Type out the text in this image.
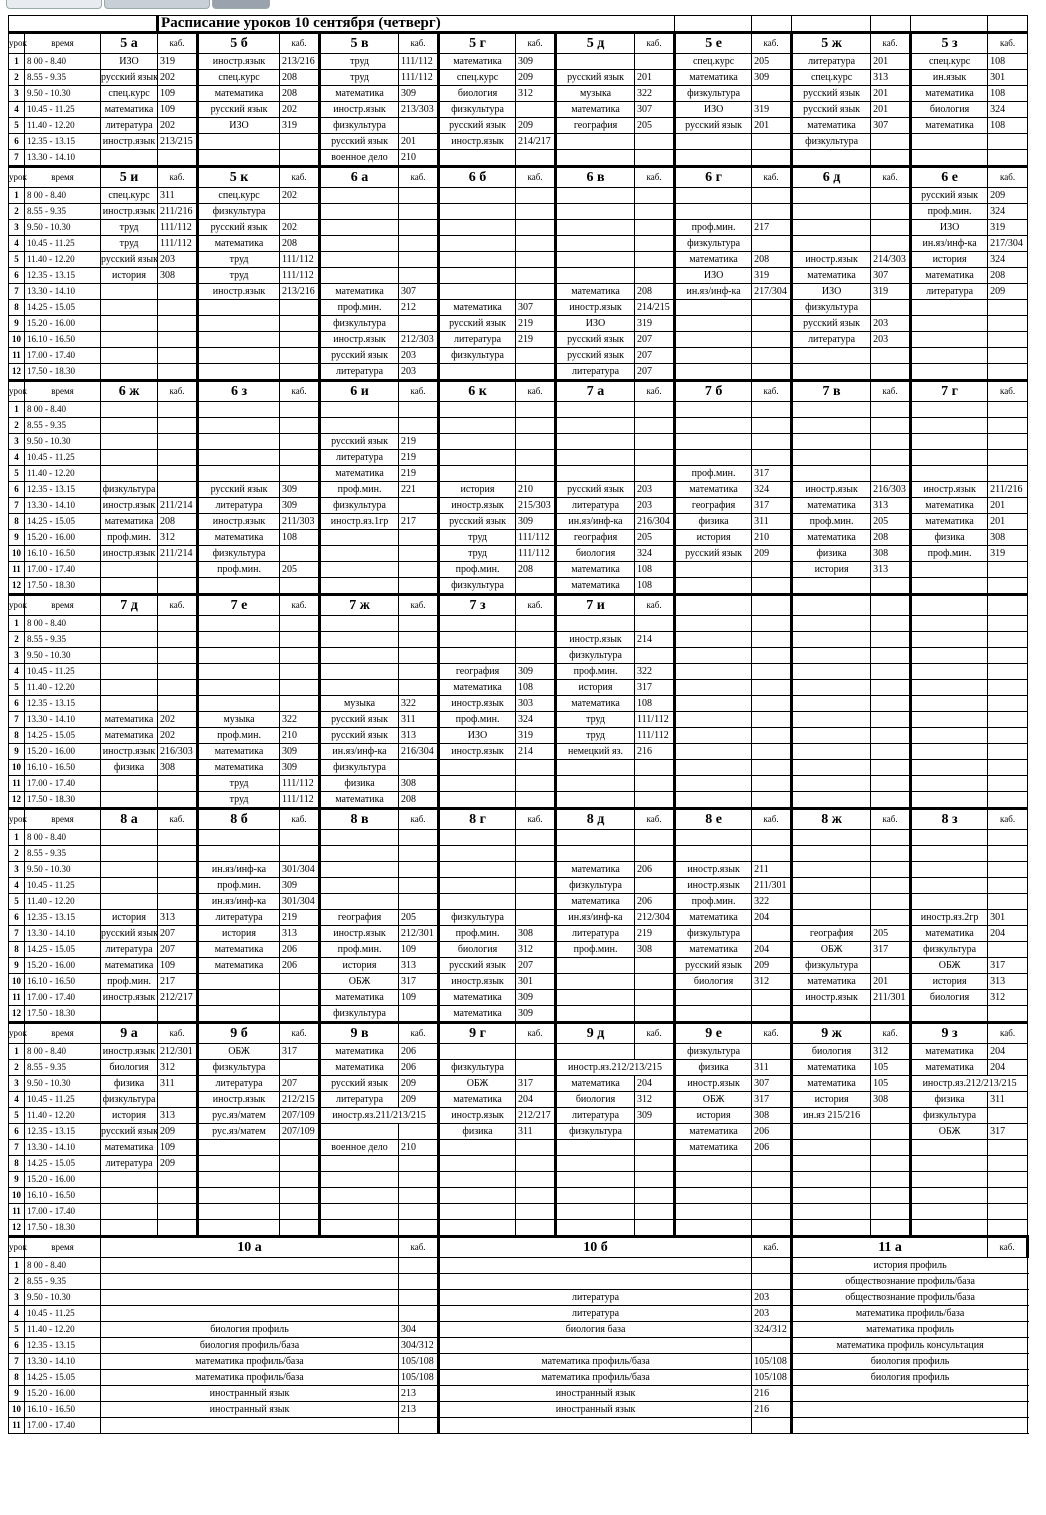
			Расписание уроков 10 сентября (четверг)															
урок	время	5 а	каб.	5 б	каб.	5 в	каб.	5 г	каб.	5 д	каб.	5 е	каб.	5 ж	каб.	5 з	каб.	
1	8 00 - 8.40	ИЗО	319	иностр.язык	213/216	труд	111/112	математика	309			спец.курс	205	литература	201	спец.курс	108	
2	8.55 - 9.35	русский язык	202	спец.курс	208	труд	111/112	спец.курс	209	русский язык	201	математика	309	спец.курс	313	ин.язык	301	
3	9.50 - 10.30	спец.курс	109	математика	208	математика	309	биология	312	музыка	322	физкультура		русский язык	201	математика	108	
4	10.45 - 11.25	математика	109	русский язык	202	иностр.язык	213/303	физкультура		математика	307	ИЗО	319	русский язык	201	биология	324	
5	11.40 - 12.20	литература	202	ИЗО	319	физкультура		русский язык	209	география	205	русский язык	201	математика	307	математика	108	
6	12.35 - 13.15	иностр.язык	213/215			русский язык	201	иностр.язык	214/217					физкультура				
7	13.30 - 14.10					военное дело	210											
урок	время	5 и	каб.	5 к	каб.	6 а	каб.	6 б	каб.	6 в	каб.	6 г	каб.	6 д	каб.	6 е	каб.	
1	8 00 - 8.40	спец.курс	311	спец.курс	202											русский язык	209	
2	8.55 - 9.35	иностр.язык	211/216	физкультура												проф.мин.	324	
3	9.50 - 10.30	труд	111/112	русский язык	202							проф.мин.	217			ИЗО	319	
4	10.45 - 11.25	труд	111/112	математика	208							физкультура				ин.яз/инф-ка	217/304	
5	11.40 - 12.20	русский язык	203	труд	111/112							математика	208	иностр.язык	214/303	история	324	
6	12.35 - 13.15	история	308	труд	111/112							ИЗО	319	математика	307	математика	208	
7	13.30 - 14.10			иностр.язык	213/216	математика	307			математика	208	ин.яз/инф-ка	217/304	ИЗО	319	литература	209	
8	14.25 - 15.05					проф.мин.	212	математика	307	иностр.язык	214/215			физкультура				
9	15.20 - 16.00					физкультура		русский язык	219	ИЗО	319			русский язык	203			
10	16.10 - 16.50					иностр.язык	212/303	литература	219	русский язык	207			литература	203			
11	17.00 - 17.40					русский язык	203	физкультура		русский язык	207							
12	17.50 - 18.30					литература	203			литература	207							
урок	время	6 ж	каб.	6 з	каб.	6 и	каб.	6 к	каб.	7 а	каб.	7 б	каб.	7 в	каб.	7 г	каб.	
1	8 00 - 8.40																	
2	8.55 - 9.35																	
3	9.50 - 10.30					русский язык	219											
4	10.45 - 11.25					литература	219											
5	11.40 - 12.20					математика	219					проф.мин.	317					
6	12.35 - 13.15	физкультура		русский язык	309	проф.мин.	221	история	210	русский язык	203	математика	324	иностр.язык	216/303	иностр.язык	211/216	
7	13.30 - 14.10	иностр.язык	211/214	литература	309	физкультура		иностр.язык	215/303	литература	203	география	317	математика	313	математика	201	
8	14.25 - 15.05	математика	208	иностр.язык	211/303	иностр.яз.1гр	217	русский язык	309	ин.яз/инф-ка	216/304	физика	311	проф.мин.	205	математика	201	
9	15.20 - 16.00	проф.мин.	312	математика	108			труд	111/112	география	205	история	210	математика	208	физика	308	
10	16.10 - 16.50	иностр.язык	211/214	физкультура				труд	111/112	биология	324	русский язык	209	физика	308	проф.мин.	319	
11	17.00 - 17.40			проф.мин.	205			проф.мин.	208	математика	108			история	313			
12	17.50 - 18.30							физкультура		математика	108							
урок	время	7 д	каб.	7 е	каб.	7 ж	каб.	7 з	каб.	7 и	каб.							
1	8 00 - 8.40																	
2	8.55 - 9.35									иностр.язык	214							
3	9.50 - 10.30									физкультура								
4	10.45 - 11.25							география	309	проф.мин.	322							
5	11.40 - 12.20							математика	108	история	317							
6	12.35 - 13.15					музыка	322	иностр.язык	303	математика	108							
7	13.30 - 14.10	математика	202	музыка	322	русский язык	311	проф.мин.	324	труд	111/112							
8	14.25 - 15.05	математика	202	проф.мин.	210	русский язык	313	ИЗО	319	труд	111/112							
9	15.20 - 16.00	иностр.язык	216/303	математика	309	ин.яз/инф-ка	216/304	иностр.язык	214	немецкий яз.	216							
10	16.10 - 16.50	физика	308	математика	309	физкультура												
11	17.00 - 17.40			труд	111/112	физика	308											
12	17.50 - 18.30			труд	111/112	математика	208											
урок	время	8 а	каб.	8 б	каб.	8 в	каб.	8 г	каб.	8 д	каб.	8 е	каб.	8 ж	каб.	8 з	каб.	
1	8 00 - 8.40																	
2	8.55 - 9.35																	
3	9.50 - 10.30			ин.яз/инф-ка	301/304					математика	206	иностр.язык	211					
4	10.45 - 11.25			проф.мин.	309					физкультура		иностр.язык	211/301					
5	11.40 - 12.20			ин.яз/инф-ка	301/304					математика	206	проф.мин.	322					
6	12.35 - 13.15	история	313	литература	219	география	205	физкультура		ин.яз/инф-ка	212/304	математика	204			иностр.яз.2гр	301	
7	13.30 - 14.10	русский язык	207	история	313	иностр.язык	212/301	проф.мин.	308	литература	219	физкультура		география	205	математика	204	
8	14.25 - 15.05	литература	207	математика	206	проф.мин.	109	биология	312	проф.мин.	308	математика	204	ОБЖ	317	физкультура		
9	15.20 - 16.00	математика	109	математика	206	история	313	русский язык	207			русский язык	209	физкультура		ОБЖ	317	
10	16.10 - 16.50	проф.мин.	217			ОБЖ	317	иностр.язык	301			биология	312	математика	201	история	313	
11	17.00 - 17.40	иностр.язык	212/217			математика	109	математика	309					иностр.язык	211/301	биология	312	
12	17.50 - 18.30					физкультура		математика	309									
урок	время	9 а	каб.	9 б	каб.	9 в	каб.	9 г	каб.	9 д	каб.	9 е	каб.	9 ж	каб.	9 з	каб.	
1	8 00 - 8.40	иностр.язык	212/301	ОБЖ	317	математика	206					физкультура		биология	312	математика	204	
2	8.55 - 9.35	биология	312	физкультура		математика	206	физкультура		иностр.яз.212/213/215		физика	311	математика	105	математика	204	
3	9.50 - 10.30	физика	311	литература	207	русский язык	209	ОБЖ	317	математика	204	иностр.язык	307	математика	105	иностр.яз.212/213/215		
4	10.45 - 11.25	физкультура		иностр.язык	212/215	литература	209	математика	204	биология	312	ОБЖ	317	история	308	физика	311	
5	11.40 - 12.20	история	313	рус.яз/матем	207/109	иностр.яз.211/213/215		иностр.язык	212/217	литература	309	история	308	ин.яз 215/216		физкультура		
6	12.35 - 13.15	русский язык	209	рус.яз/матем	207/109			физика	311	физкультура		математика	206			ОБЖ	317	
7	13.30 - 14.10	математика	109			военное дело	210					математика	206					
8	14.25 - 15.05	литература	209															
9	15.20 - 16.00																	
10	16.10 - 16.50																	
11	17.00 - 17.40																	
12	17.50 - 18.30																	
урок	время	10 а					каб.	10 б					каб.	11 а			каб.		
1	8 00 - 8.40													история профиль	
2	8.55 - 9.35													обществознание профиль/база	
3	9.50 - 10.30							литература					203	обществознание профиль/база	
4	10.45 - 11.25							литература					203	математика профиль/база	
5	11.40 - 12.20	биология профиль					304	биология база					324/312	математика профиль	
6	12.35 - 13.15	биология профиль/база					304/312							математика профиль консультация	
7	13.30 - 14.10	математика профиль/база					105/108	математика профиль/база					105/108	биология профиль	
8	14.25 - 15.05	математика профиль/база					105/108	математика профиль/база					105/108	биология профиль	
9	15.20 - 16.00	иностранный язык					213	иностранный язык					216					
10	16.10 - 16.50	иностранный язык					213	иностранный язык					216					
11	17.00 - 17.40																	
